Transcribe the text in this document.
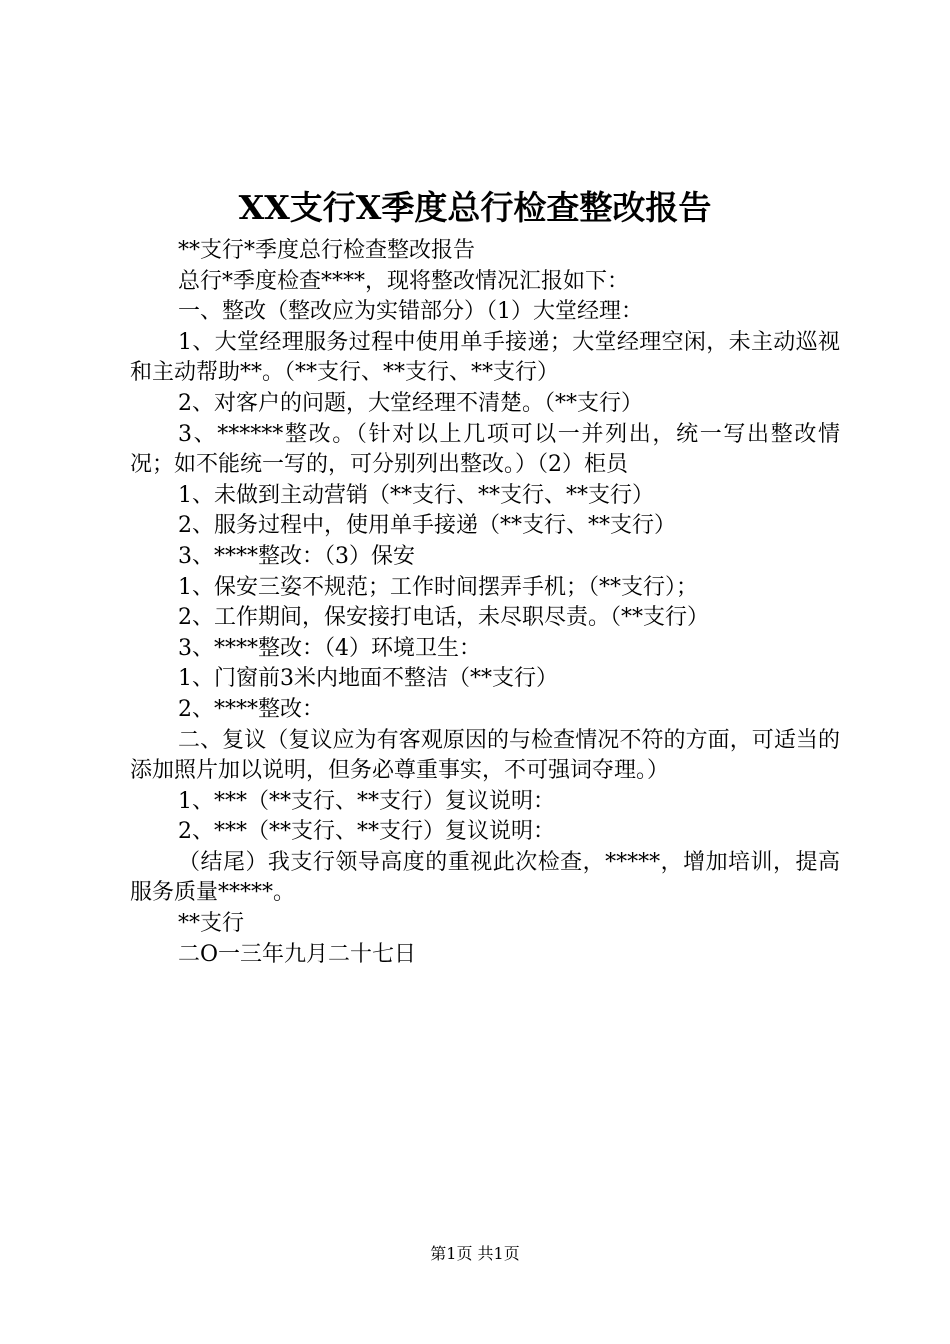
XX支行X季度总行检查整改报告

**支行*季度总行检查整改报告

总行*季度检查****，现将整改情况汇报如下：

一、整改（整改应为实错部分）（1）大堂经理：

1、大堂经理服务过程中使用单手接递；大堂经理空闲，未主动巡视和主动帮助**。（**支行、**支行、**支行）

2、对客户的问题，大堂经理不清楚。（**支行）

3、******整改。（针对以上几项可以一并列出，统一写出整改情况；如不能统一写的，可分别列出整改。）（2）柜员

1、未做到主动营销（**支行、**支行、**支行）

2、服务过程中，使用单手接递（**支行、**支行）

3、****整改：（3）保安

1、保安三姿不规范；工作时间摆弄手机；（**支行）；

2、工作期间，保安接打电话，未尽职尽责。（**支行）

3、****整改：（4）环境卫生：

1、门窗前3米内地面不整洁（**支行）

2、****整改：

二、复议（复议应为有客观原因的与检查情况不符的方面，可适当的添加照片加以说明，但务必尊重事实，不可强词夺理。）

1、***（**支行、**支行）复议说明：

2、***（**支行、**支行）复议说明：

（结尾）我支行领导高度的重视此次检查，*****，增加培训，提高服务质量*****。

**支行

二O一三年九月二十七日

第1页 共1页
